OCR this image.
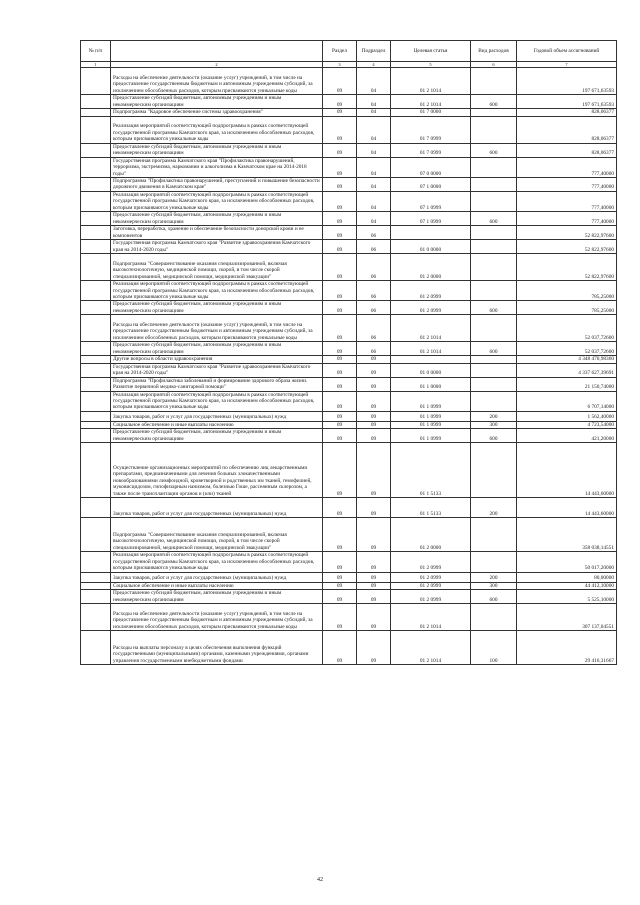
№ п/п		Раздел	Подраздел	Целевая статья	Вид расходов	Годовой объем ассигнований
1	2	3	4	5	6	7
	Расходы на обеспечение деятельности (оказание услуг) учреждений, в том числе на предоставление государственным бюджетным и автономным учреждениям субсидий, за исключением обособленных расходов, которым присваиваются уникальные коды	09	04	01 2 1014		197 671,63593
	Предоставление субсидий бюджетным, автономным учреждениям и иным некоммерческим организациям	09	04	01 2 1014	600	197 671,63593
	Подпрограмма "Кадровое обеспечение системы здравоохранения"	09	04	01 7 0000		828,06377
	Реализация мероприятий соответствующей подпрограммы в рамках соответствующей государственной программы Камчатского края, за исключением обособленных расходов, которым присваиваются уникальные коды	09	04	01 7 0999		828,06377
	Предоставление субсидий бюджетным, автономным учреждениям и иным некоммерческим организациям	09	04	01 7 0999	600	828,06377
	Государственная программа Камчатского края "Профилактика правонарушений, терроризма, экстремизма, наркомании и алкоголизма в Камчатском крае на 2014-2018 годы"	09	04	07 0 0000		777,40000
	Подпрограмма "Профилактика правонарушений, преступлений и повышение безопасности дорожного движения в Камчатском крае"	09	04	07 1 0000		777,40000
	Реализация мероприятий соответствующей подпрограммы в рамках соответствующей государственной программы Камчатского края, за исключением обособленных расходов, которым присваиваются уникальные коды	09	04	07 1 0999		777,40000
	Предоставление субсидий бюджетным, автономным учреждениям и иным некоммерческим организациям	09	04	07 1 0999	600	777,40000
	Заготовка, переработка, хранение и обеспечение безопасности донорской крови и ее компонентов	09	06			52 822,97600
	Государственная программа Камчатского края "Развитие здравоохранения Камчатского края на 2014-2020 годы"	09	06	01 0 0000		52 822,97600
	Подпрограмма "Совершенствование оказания специализированной, включая высокотехнологичную, медицинской помощи, скорой, в том числе скорой специализированной, медицинской помощи, медицинской эвакуации"	09	06	01 2 0000		52 822,97600
	Реализация мероприятий соответствующей подпрограммы в рамках соответствующей государственной программы Камчатского края, за исключением обособленных расходов, которым присваиваются уникальные коды	09	06	01 2 0999		785,25000
	Предоставление субсидий бюджетным, автономным учреждениям и иным некоммерческим организациям	09	06	01 2 0999	600	785,25000
	Расходы на обеспечение деятельности (оказание услуг) учреждений, в том числе на предоставление государственным бюджетным и автономным учреждениям субсидий, за исключением обособленных расходов, которым присваиваются уникальные коды	09	06	01 2 1014		52 037,72600
	Предоставление субсидий бюджетным, автономным учреждениям и иным некоммерческим организациям	09	06	01 2 1014	600	52 037,72600
	Другие вопросы в области здравоохранения	09	09			4 348 470,98360
	Государственная программа Камчатского края "Развитие здравоохранения Камчатского края на 2014-2020 годы"	09	09	01 0 0000		4 337 627,39691
	Подпрограмма "Профилактика заболеваний и формирование здорового образа жизни. Развитие первичной медико-санитарной помощи"	09	09	01 1 0000		21 150,74000
	Реализация мероприятий соответствующей подпрограммы в рамках соответствующей государственной программы Камчатского края, за исключением обособленных расходов, которым присваиваются уникальные коды	09	09	01 1 0999		6 707,14000
	Закупка товаров, работ и услуг для государственных (муниципальных) нужд	09	09	01 1 0999	200	1 562,40000
	Социальное обеспечение и иные выплаты населению	09	09	01 1 0999	300	4 723,54000
	Предоставление субсидий бюджетным, автономным учреждениям и иным некоммерческим организациям	09	09	01 1 0999	600	421,20000
	Осуществление организационных мероприятий по обеспечению лиц лекарственными препаратами, предназначенными для лечения больных злокачественными новообразованиями лимфоидной, кроветворной и родственных им тканей, гемофилией, муковисцидозом, гипофизарным нанизмом, болезнью Гоше, рассеянным склерозом, а также после трансплантации органов и (или) тканей	09	09	01 1 5133		14 443,60000
	Закупка товаров, работ и услуг для государственных (муниципальных) нужд	09	09	01 1 5133	200	14 443,60000
	Подпрограмма "Совершенствование оказания специализированной, включая высокотехнологичную, медицинской помощи, скорой, в том числе скорой специализированной, медицинской помощи, медицинской эвакуации"	09	09	01 2 0000		358 038,14551
	Реализация мероприятий соответствующей подпрограммы в рамках соответствующей государственной программы Камчатского края, за исключением обособленных расходов, которым присваиваются уникальные коды	09	09	01 2 0999		50 017,20000
	Закупка товаров, работ и услуг для государственных (муниципальных) нужд	09	09	01 2 0999	200	80,00000
	Социальное обеспечение и иные выплаты населению	09	09	01 2 0999	300	44 412,10000
	Предоставление субсидий бюджетным, автономным учреждениям и иным некоммерческим организациям	09	09	01 2 0999	600	5 525,10000
	Расходы на обеспечение деятельности (оказание услуг) учреждений, в том числе на предоставление государственным бюджетным и автономным учреждениям субсидий, за исключением обособленных расходов, которым присваиваются уникальные коды	09	09	01 2 1014		307 137,04551
	Расходы на выплаты персоналу в целях обеспечения выполнения функций государственными (муниципальными) органами, казенными учреждениями, органами управления государственными внебюджетными фондами	09	09	01 2 1014	100	29 416,31667
42
